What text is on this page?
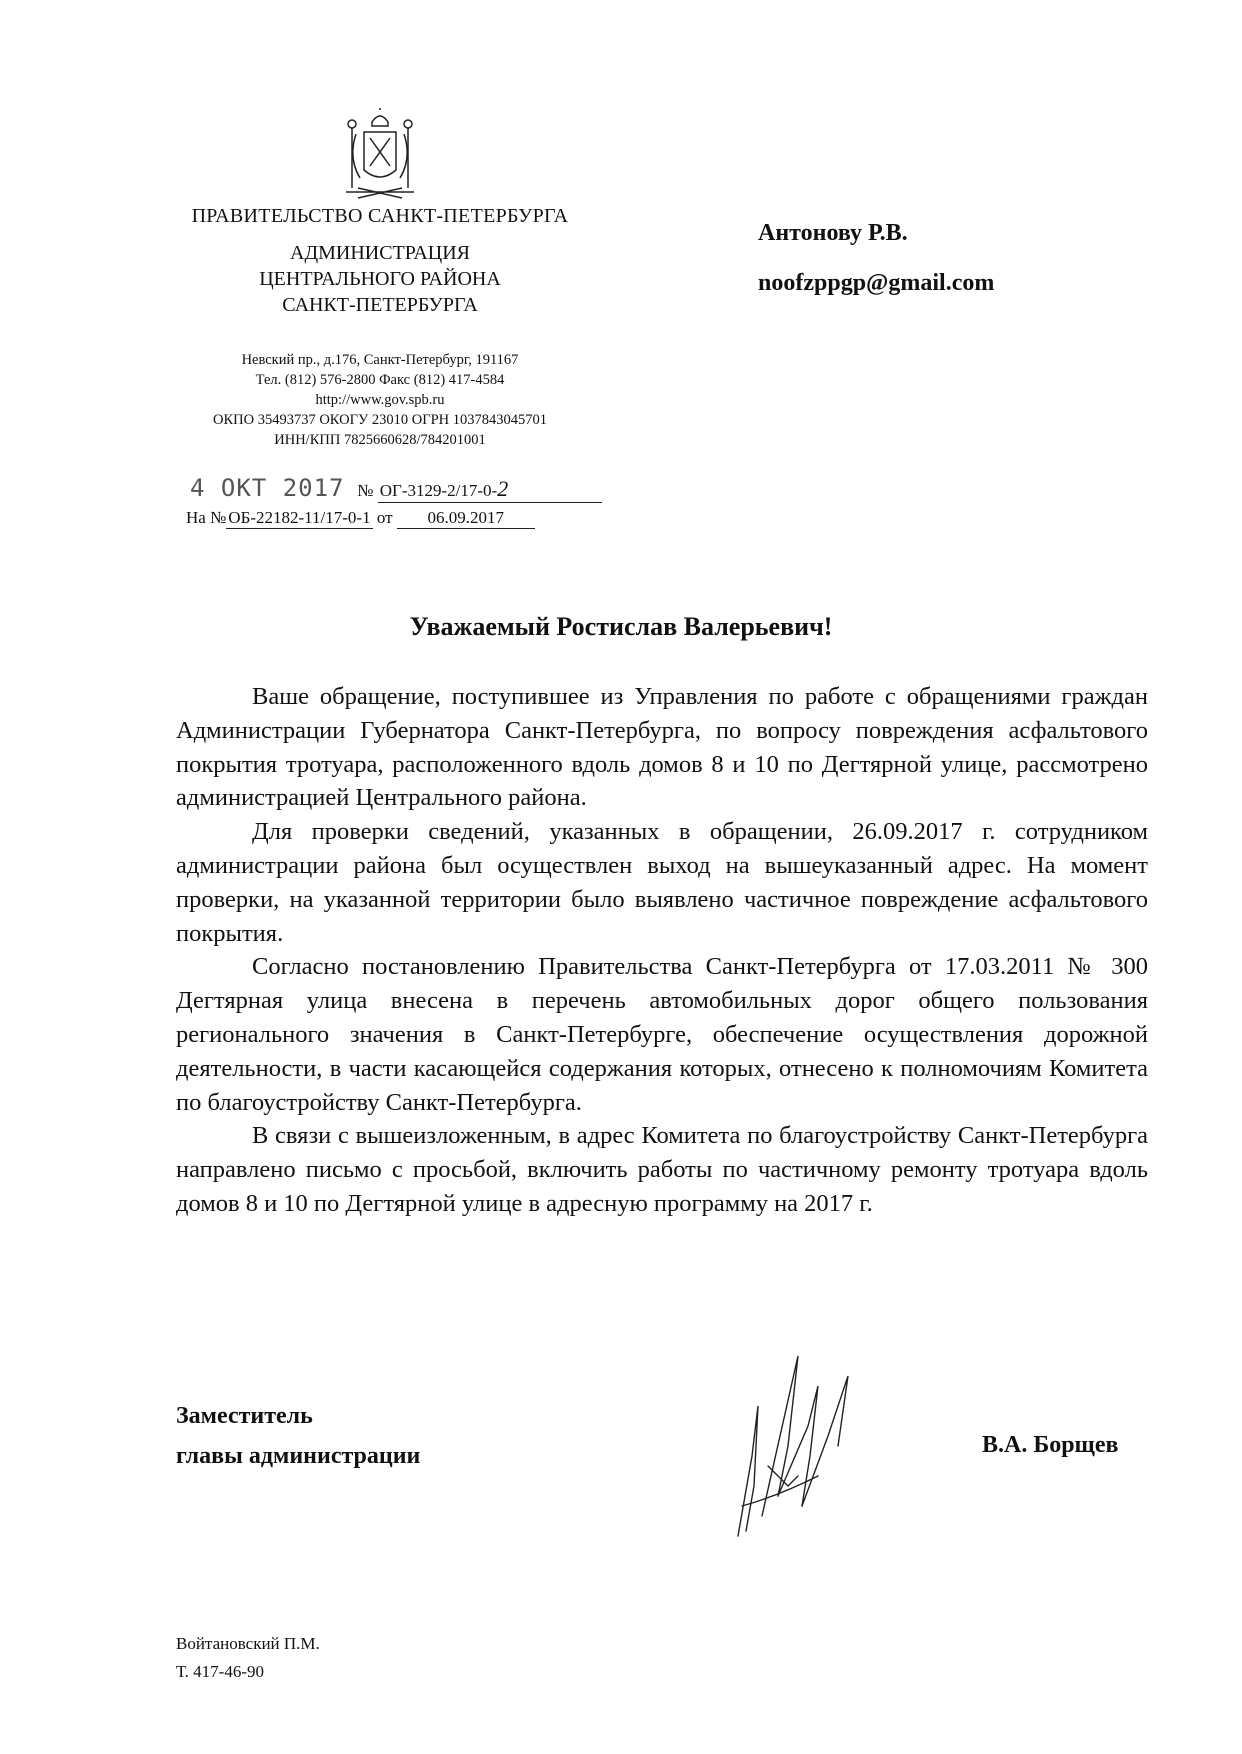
ПРАВИТЕЛЬСТВО САНКТ-ПЕТЕРБУРГА
АДМИНИСТРАЦИЯ
ЦЕНТРАЛЬНОГО РАЙОНА
САНКТ-ПЕТЕРБУРГА
Невский пр., д.176, Санкт-Петербург, 191167
Тел. (812) 576-2800 Факс (812) 417-4584
http://www.gov.spb.ru
ОКПО 35493737 ОКОГУ 23010 ОГРН 1037843045701
ИНН/КПП 7825660628/784201001
4 ОКТ 2017 № ОГ-3129-2/17-0-2
На № ОБ-22182-11/17-0-1 от 06.09.2017
Антонову Р.В.
noofzppgp@gmail.com
Уважаемый Ростислав Валерьевич!

Ваше обращение, поступившее из Управления по работе с обращениями граждан Администрации Губернатора Санкт-Петербурга, по вопросу повреждения асфальтового покрытия тротуара, расположенного вдоль домов 8 и 10 по Дегтярной улице, рассмотрено администрацией Центрального района.

Для проверки сведений, указанных в обращении, 26.09.2017 г. сотрудником администрации района был осуществлен выход на вышеуказанный адрес. На момент проверки, на указанной территории было выявлено частичное повреждение асфальтового покрытия.

Согласно постановлению Правительства Санкт-Петербурга от 17.03.2011 № 300 Дегтярная улица внесена в перечень автомобильных дорог общего пользования регионального значения в Санкт-Петербурге, обеспечение осуществления дорожной деятельности, в части касающейся содержания которых, отнесено к полномочиям Комитета по благоустройству Санкт-Петербурга.

В связи с вышеизложенным, в адрес Комитета по благоустройству Санкт-Петербурга направлено письмо с просьбой, включить работы по частичному ремонту тротуара вдоль домов 8 и 10 по Дегтярной улице в адресную программу на 2017 г.

Заместитель
главы администрации	В.А. Борщев
Войтановский П.М.
Т. 417-46-90
